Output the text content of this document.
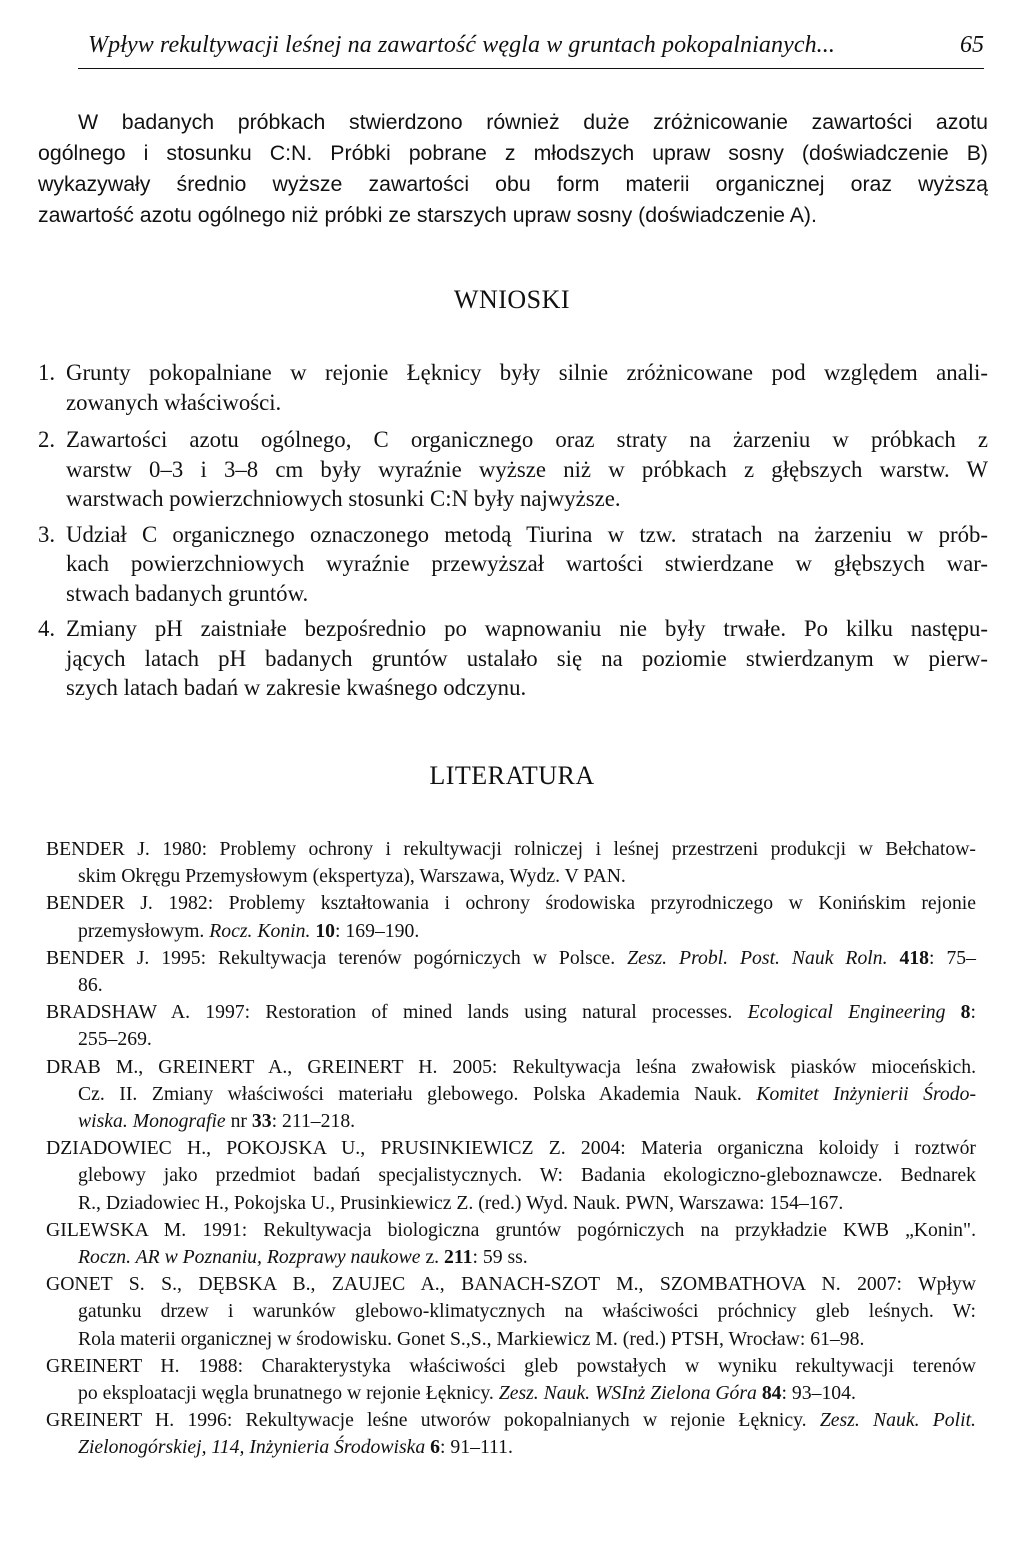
Wpływ rekultywacji leśnej na zawartość węgla w gruntach pokopalnianych...	65
W badanych próbkach stwierdzono również duże zróżnicowanie zawartości azotu
ogólnego i stosunku C:N. Próbki pobrane z młodszych upraw sosny (doświadczenie B)
wykazywały średnio wyższe zawartości obu form materii organicznej oraz wyższą
zawartość azotu ogólnego niż próbki ze starszych upraw sosny (doświadczenie A).
WNIOSKI
1. Grunty pokopalniane w rejonie Łęknicy były silnie zróżnicowane pod względem anali-
zowanych właściwości.
2. Zawartości azotu ogólnego, C organicznego oraz straty na żarzeniu w próbkach z
warstw 0–3 i 3–8 cm były wyraźnie wyższe niż w próbkach z głębszych warstw. W
warstwach powierzchniowych stosunki C:N były najwyższe.
3. Udział C organicznego oznaczonego metodą Tiurina w tzw. stratach na żarzeniu w prób-
kach powierzchniowych wyraźnie przewyższał wartości stwierdzane w głębszych war-
stwach badanych gruntów.
4. Zmiany pH zaistniałe bezpośrednio po wapnowaniu nie były trwałe. Po kilku następu-
jących latach pH badanych gruntów ustalało się na poziomie stwierdzanym w pierw-
szych latach badań w zakresie kwaśnego odczynu.
LITERATURA
BENDER J. 1980: Problemy ochrony i rekultywacji rolniczej i leśnej przestrzeni produkcji w Bełchatow-
skim Okręgu Przemysłowym (ekspertyza), Warszawa, Wydz. V PAN.
BENDER J. 1982: Problemy kształtowania i ochrony środowiska przyrodniczego w Konińskim rejonie
przemysłowym. Rocz. Konin. 10: 169–190.
BENDER J. 1995: Rekultywacja terenów pogórniczych w Polsce. Zesz. Probl. Post. Nauk Roln. 418: 75–
86.
BRADSHAW A. 1997: Restoration of mined lands using natural processes. Ecological Engineering 8:
255–269.
DRAB M., GREINERT A., GREINERT H. 2005: Rekultywacja leśna zwałowisk piasków mioceńskich.
Cz. II. Zmiany właściwości materiału glebowego. Polska Akademia Nauk. Komitet Inżynierii Środo-
wiska. Monografie nr 33: 211–218.
DZIADOWIEC H., POKOJSKA U., PRUSINKIEWICZ Z. 2004: Materia organiczna koloidy i roztwór
glebowy jako przedmiot badań specjalistycznych. W: Badania ekologiczno-gleboznawcze. Bednarek
R., Dziadowiec H., Pokojska U., Prusinkiewicz Z. (red.) Wyd. Nauk. PWN, Warszawa: 154–167.
GILEWSKA M. 1991: Rekultywacja biologiczna gruntów pogórniczych na przykładzie KWB „Konin".
Roczn. AR w Poznaniu, Rozprawy naukowe z. 211: 59 ss.
GONET S. S., DĘBSKA B., ZAUJEC A., BANACH-SZOT M., SZOMBATHOVA N. 2007: Wpływ
gatunku drzew i warunków glebowo-klimatycznych na właściwości próchnicy gleb leśnych. W:
Rola materii organicznej w środowisku. Gonet S.,S., Markiewicz M. (red.) PTSH, Wrocław: 61–98.
GREINERT H. 1988: Charakterystyka właściwości gleb powstałych w wyniku rekultywacji terenów
po eksploatacji węgla brunatnego w rejonie Łęknicy. Zesz. Nauk. WSInż Zielona Góra 84: 93–104.
GREINERT H. 1996: Rekultywacje leśne utworów pokopalnianych w rejonie Łęknicy. Zesz. Nauk. Polit.
Zielonogórskiej, 114, Inżynieria Środowiska 6: 91–111.
